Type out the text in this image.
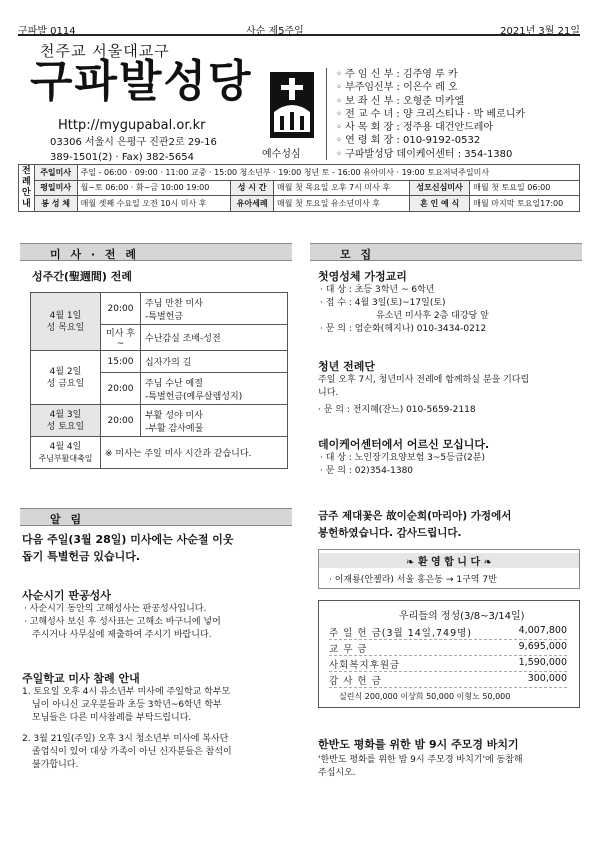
구파발 0114	사순 제5주일	2021년 3월 21일
천주교 서울대교구
구파발성당
Http://mygupabal.or.kr
03306 서울시 은평구 진관2로 29-16
389-1501(2) · Fax) 382-5654	예수성심
◦ 주 임 신 부 : 김주영 루 카
◦ 부주임신부 : 이은수 레 오
◦ 보 좌 신 부 : 오형준 미카엘
◦ 전 교 수 녀 : 양 크리스티나 · 박 베로니카
◦ 사 목 회 장 : 정주용 대건안드레아
◦ 연 령 회 장 : 010-9192-0532
◦ 구파발성당 데이케어센터 : 354-1380
전례안내	주일미사	주일 - 06:00 · 09:00 · 11:00 교중 · 15:00 청소년부 · 19:00 청년 토 - 16:00 유아미사 · 19:00 토요저녁주일미사				
	평일미사	월~토 06:00 · 화~금 10:00 19:00	성 시 간	매월 첫 목요일 오후 7시 미사 후	성모신심미사	매월 첫 토요일 06:00
	봉 성 체	매월 셋째 수요일 오전 10시 미사 후	유아세례	매월 첫 토요일 유소년미사 후	혼 인 예 식	매월 마지막 토요일17:00
미 사 · 전 례
성주간(聖週間) 전례
4월 1일
성 목요일	20:00	주님 만찬 미사
-특별헌금
	미사 후~	수난감실 조배-성전
4월 2일
성 금요일	15:00	십자가의 길
	20:00	주님 수난 예절
-특별헌금(예루살렘성지)
4월 3일
성 토요일	20:00	부활 성야 미사
-부활 감사예물
4월 4일
주님부활대축일	※ 미사는 주일 미사 시간과 같습니다.	
알 림
다음 주일(3월 28일) 미사에는 사순절 이웃
돕기 특별헌금 있습니다.
사순시기 판공성사
· 사순시기 동안의 고해성사는 판공성사입니다.
· 고해성사 보신 후 성사표는 고해소 바구니에 넣어
주시거나 사무실에 제출하여 주시기 바랍니다.
주일학교 미사 참례 안내
1. 토요일 오후 4시 유소년부 미사에 주일학교 학부모
님이 아니신 교우분들과 초등 3학년~6학년 학부
모님들은 다른 미사참례를 부탁드립니다.
2. 3월 21일(주일) 오후 3시 청소년부 미사에 복사단
졸업식이 있어 대상 가족이 아닌 신자분들은 참석이
불가합니다.
모 집
첫영성체 가정교리
· 대 상 : 초등 3학년 ~ 6학년
· 접 수 : 4월 3일(토)~17일(토)
유소년 미사후 2층 대강당 앞
· 문 의 : 엄순화(헤지나) 010-3434-0212
청년 전례단
주일 오후 7시, 청년미사 전례에 함께하실 분을 기다립
니다.
· 문 의 : 전지혜(잔느) 010-5659-2118
데이케어센터에서 어르신 모십니다.
· 대 상 : 노인장기요양보험 3~5등급(2분)
· 문 의 : 02)354-1380
금주 제대꽃은 故이순희(마리아) 가정에서
봉헌하였습니다. 감사드립니다.
❧ 환 영 합 니 다 ❧
· 이재룡(안젤라) 서울 홍은동 → 1구역 7반
우리들의 정성(3/8~3/14일)
주 일 헌 금(3월 14일,749명)	4,007,800
교 무 금	9,695,000
사회복지후원금	1,590,000
감 사 헌 금	300,000
실린식 200,000 이상희 50,000 이형노 50,000
한반도 평화를 위한 밤 9시 주모경 바치기
'한반도 평화를 위한 밤 9시 주모경 바치기'에 동참해
주십시오.
